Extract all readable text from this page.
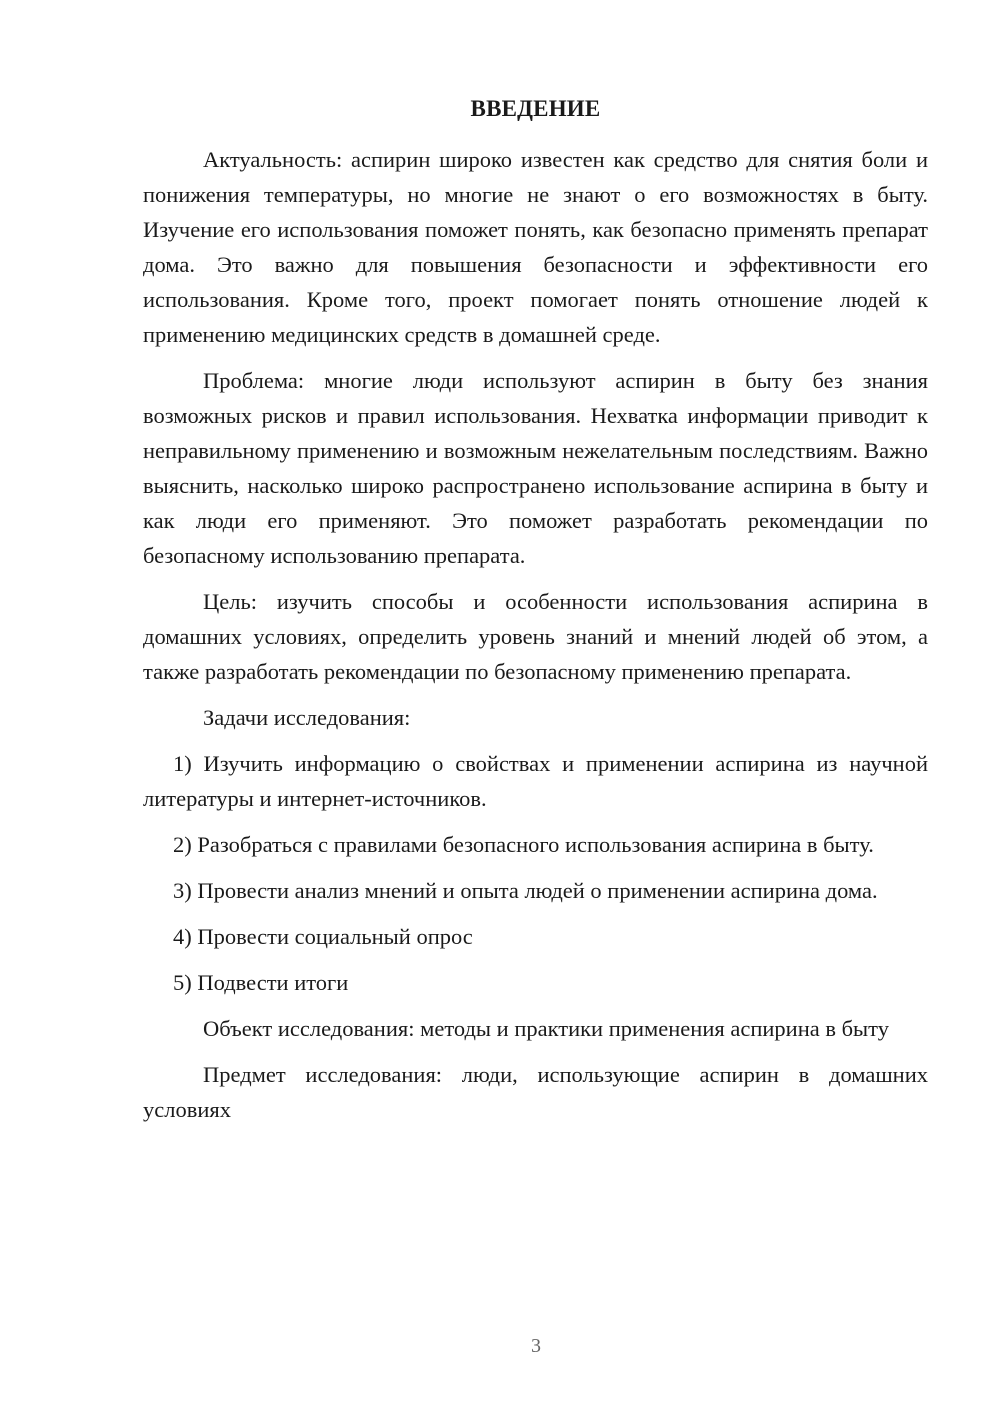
ВВЕДЕНИЕ

Актуальность: аспирин широко известен как средство для снятия боли и понижения температуры, но многие не знают о его возможностях в быту. Изучение его использования поможет понять, как безопасно применять препарат дома. Это важно для повышения безопасности и эффективности его использования. Кроме того, проект помогает понять отношение людей к применению медицинских средств в домашней среде.

Проблема: многие люди используют аспирин в быту без знания возможных рисков и правил использования. Нехватка информации приводит к неправильному применению и возможным нежелательным последствиям. Важно выяснить, насколько широко распространено использование аспирина в быту и как люди его применяют. Это поможет разработать рекомендации по безопасному использованию препарата.

Цель: изучить способы и особенности использования аспирина в домашних условиях, определить уровень знаний и мнений людей об этом, а также разработать рекомендации по безопасному применению препарата.

Задачи исследования:

1) Изучить информацию о свойствах и применении аспирина из научной литературы и интернет-источников.

2) Разобраться с правилами безопасного использования аспирина в быту.

3) Провести анализ мнений и опыта людей о применении аспирина дома.

4) Провести социальный опрос

5) Подвести итоги

Объект исследования: методы и практики применения аспирина в быту

Предмет исследования: люди, использующие аспирин в домашних условиях

3
